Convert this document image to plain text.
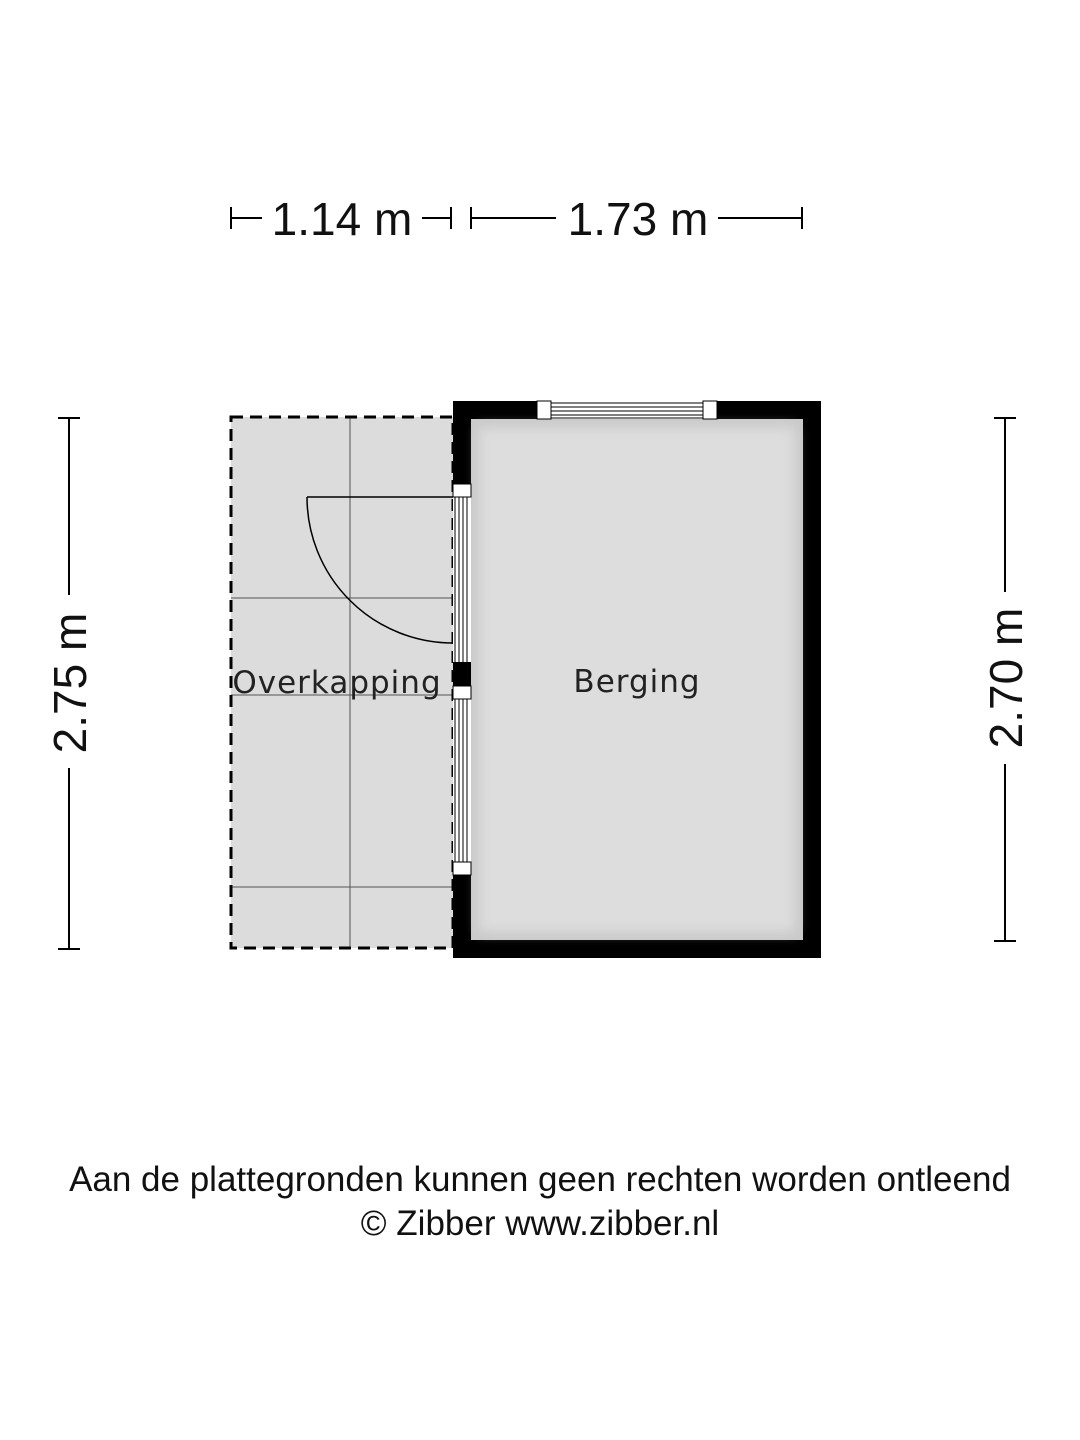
1.14 m	1.73 m
2.75 m	2.70 m
Overkapping	Berging
Aan de plattegronden kunnen geen rechten worden ontleend
© Zibber www.zibber.nl
